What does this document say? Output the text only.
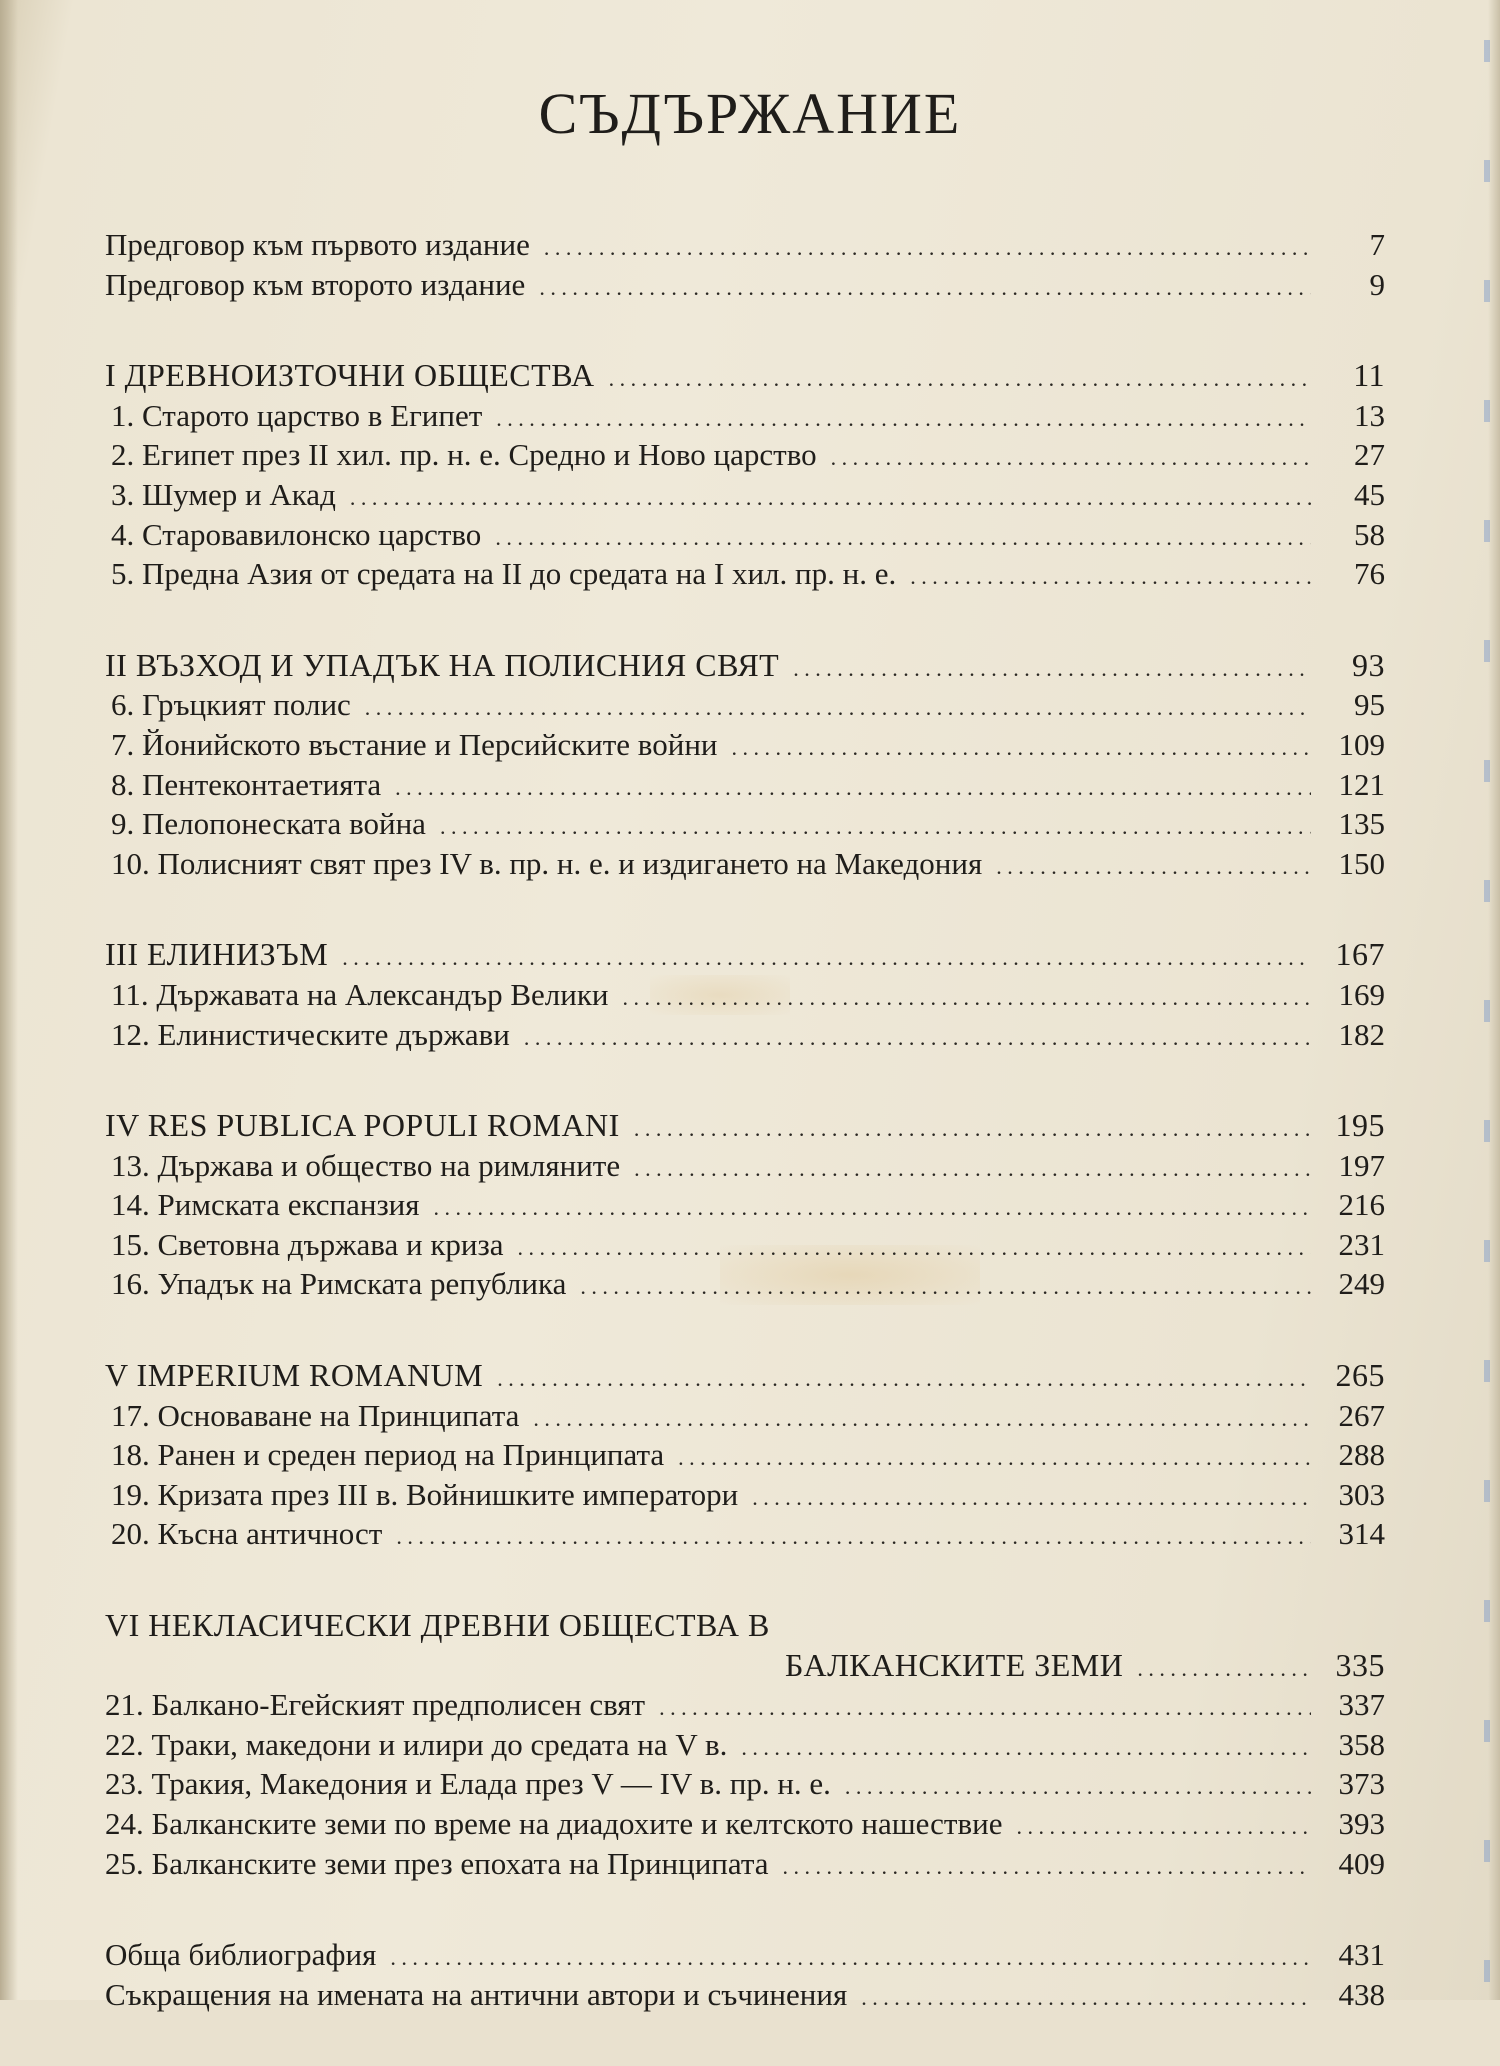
СЪДЪРЖАНИЕ
Предговор към първото издание . . .	7
Предговор към второто издание . . .	9
I ДРЕВНОИЗТОЧНИ ОБЩЕСТВА . . .	11
1. Старото царство в Египет . . .	13
2. Египет през II хил. пр. н. е. Средно и Ново царство . . .	27
3. Шумер и Акад . . .	45
4. Старовавилонско царство . . .	58
5. Предна Азия от средата на II до средата на I хил. пр. н. е. . . .	76
II ВЪЗХОД И УПАДЪК НА ПОЛИСНИЯ СВЯТ . . .	93
6. Гръцкият полис . . .	95
7. Йонийското въстание и Персийските войни . . .	109
8. Пентеконтаетията . . .	121
9. Пелопонеската война . . .	135
10. Полисният свят през IV в. пр. н. е. и издигането на Македония . . .	150
III ЕЛИНИЗЪМ . . .	167
11. Държавата на Александър Велики . . .	169
12. Елинистическите държави . . .	182
IV RES PUBLICA POPULI ROMANI . . .	195
13. Държава и общество на римляните . . .	197
14. Римската експанзия . . .	216
15. Световна държава и криза . . .	231
16. Упадък на Римската република . . .	249
V IMPERIUM ROMANUM . . .	265
17. Основаване на Принципата . . .	267
18. Ранен и среден период на Принципата . . .	288
19. Кризата през III в. Войнишките императори . . .	303
20. Късна античност . . .	314
VI НЕКЛАСИЧЕСКИ ДРЕВНИ ОБЩЕСТВА В
БАЛКАНСКИТЕ ЗЕМИ . . .	335
21. Балкано-Егейският предполисен свят . . .	337
22. Траки, македони и илири до средата на V в. . . .	358
23. Тракия, Македония и Елада през V — IV в. пр. н. е. . . .	373
24. Балканските земи по време на диадохите и келтското нашествие . . .	393
25. Балканските земи през епохата на Принципата . . .	409
Обща библиография . . .	431
Съкращения на имената на антични автори и съчинения . . .	438
